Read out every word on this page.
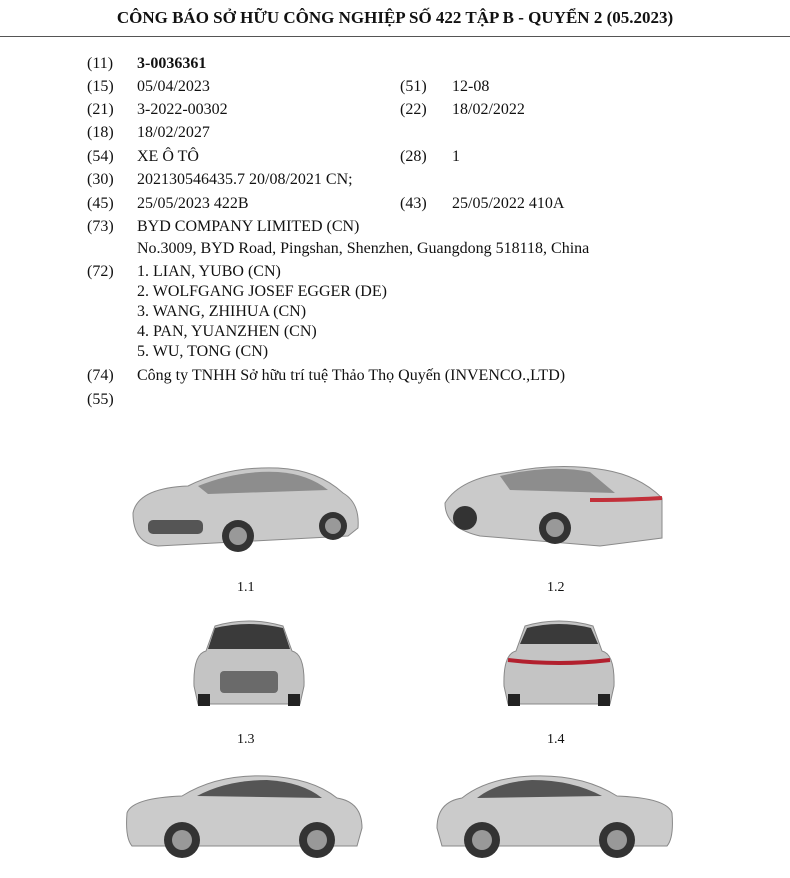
CÔNG BÁO SỞ HỮU CÔNG NGHIỆP SỐ 422 TẬP B - QUYỂN 2 (05.2023)
(11) 3-0036361
(15) 05/04/2023	(51) 12-08
(21) 3-2022-00302	(22) 18/02/2022
(18) 18/02/2027
(54) XE Ô TÔ	(28) 1
(30) 202130546435.7 20/08/2021 CN;
(45) 25/05/2023 422B	(43) 25/05/2022 410A
(73) BYD COMPANY LIMITED (CN)
No.3009, BYD Road, Pingshan, Shenzhen, Guangdong 518118, China
(72) 1. LIAN, YUBO (CN)
2. WOLFGANG JOSEF EGGER (DE)
3. WANG, ZHIHUA (CN)
4. PAN, YUANZHEN (CN)
5. WU, TONG (CN)
(74) Công ty TNHH Sở hữu trí tuệ Thảo Thọ Quyến (INVENCO.,LTD)
(55)
1.1	1.2
1.3	1.4
